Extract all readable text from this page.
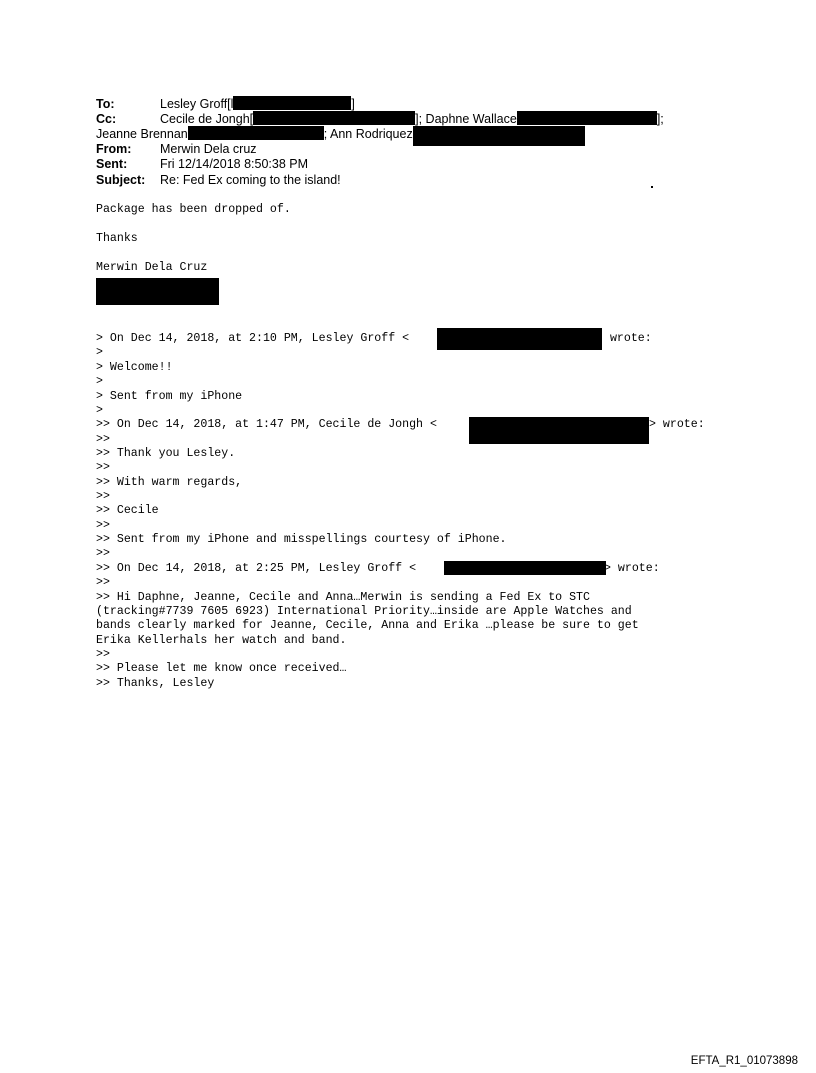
To:	Lesley Groff[l	]
Cc:	Cecile de Jongh[	]; Daphne Wallace	];
Jeanne Brennan	; Ann Rodriquez
From: Merwin Dela cruz
Sent:	Fri 12/14/2018 8:50:38 PM
Subject: Re: Fed Ex coming to the island!
Package has been dropped of.
Thanks
Merwin Dela Cruz
> On Dec 14, 2018, at 2:10 PM, Lesley Groff <	wrote:
>
> Welcome!!
>
> Sent from my iPhone
>
>> On Dec 14, 2018, at 1:47 PM, Cecile de Jongh <	> wrote:
>>
>> Thank you Lesley.
>>
>> With warm regards,
>>
>> Cecile
>>
>> Sent from my iPhone and misspellings courtesy of iPhone.
>>
>> On Dec 14, 2018, at 2:25 PM, Lesley Groff <	> wrote:
>>
>> Hi Daphne, Jeanne, Cecile and Anna…Merwin is sending a Fed Ex to STC
(tracking#7739 7605 6923) International Priority…inside are Apple Watches and
bands clearly marked for Jeanne, Cecile, Anna and Erika …please be sure to get
Erika Kellerhals her watch and band.
>>
>> Please let me know once received…
>> Thanks, Lesley
EFTA_R1_01073898
